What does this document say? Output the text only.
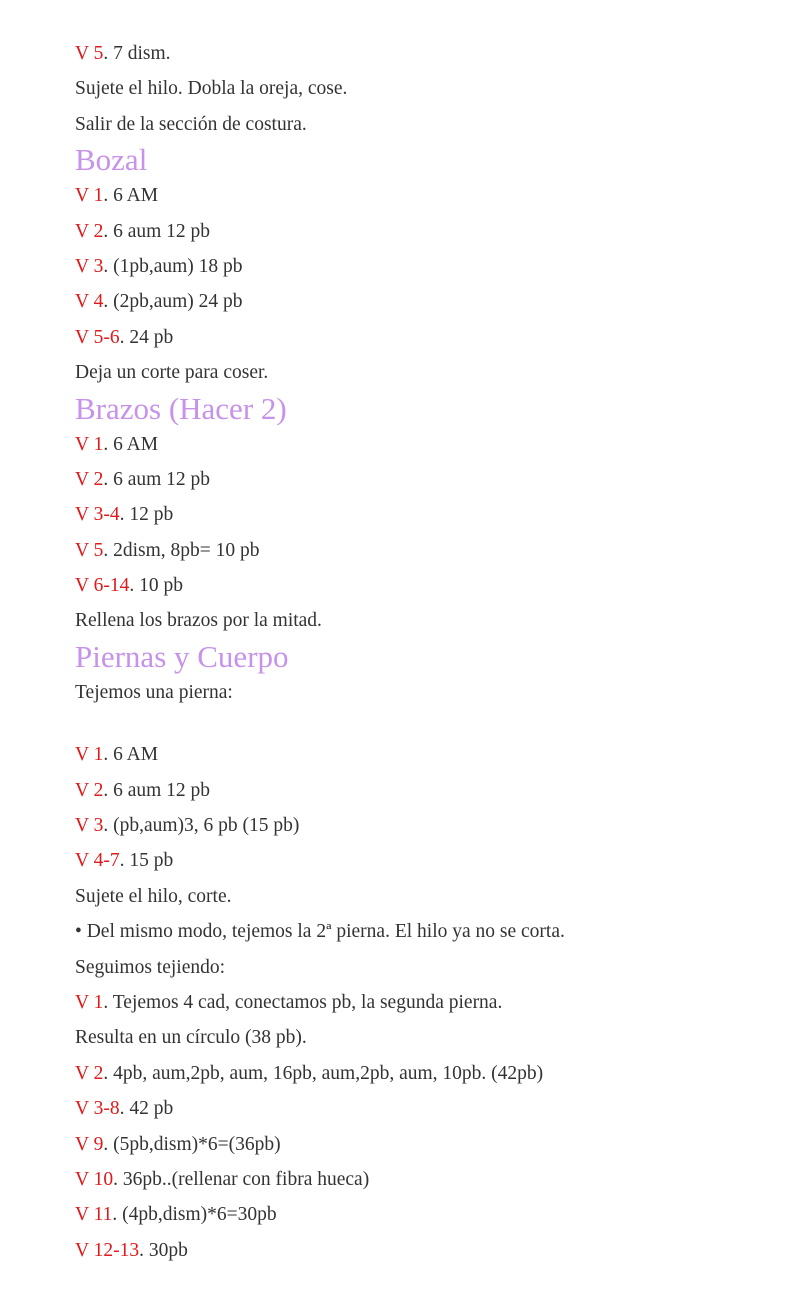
V 5. 7 dism.
Sujete el hilo. Dobla la oreja, cose.
Salir de la sección de costura.
Bozal
V 1. 6 AM
V 2. 6 aum 12 pb
V 3. (1pb,aum) 18 pb
V 4. (2pb,aum) 24 pb
V 5-6. 24 pb
Deja un corte para coser.
Brazos (Hacer 2)
V 1. 6 AM
V 2. 6 aum 12 pb
V 3-4. 12 pb
V 5. 2dism, 8pb= 10 pb
V 6-14. 10 pb
Rellena los brazos por la mitad.
Piernas y Cuerpo
Tejemos una pierna:
V 1. 6 AM
V 2. 6 aum 12 pb
V 3. (pb,aum)3, 6 pb (15 pb)
V 4-7. 15 pb
Sujete el hilo, corte.
• Del mismo modo, tejemos la 2ª pierna. El hilo ya no se corta.
Seguimos tejiendo:
V 1. Tejemos 4 cad, conectamos pb, la segunda pierna.
Resulta en un círculo (38 pb).
V 2. 4pb, aum,2pb, aum, 16pb, aum,2pb, aum, 10pb. (42pb)
V 3-8. 42 pb
V 9. (5pb,dism)*6=(36pb)
V 10. 36pb..(rellenar con fibra hueca)
V 11. (4pb,dism)*6=30pb
V 12-13. 30pb
